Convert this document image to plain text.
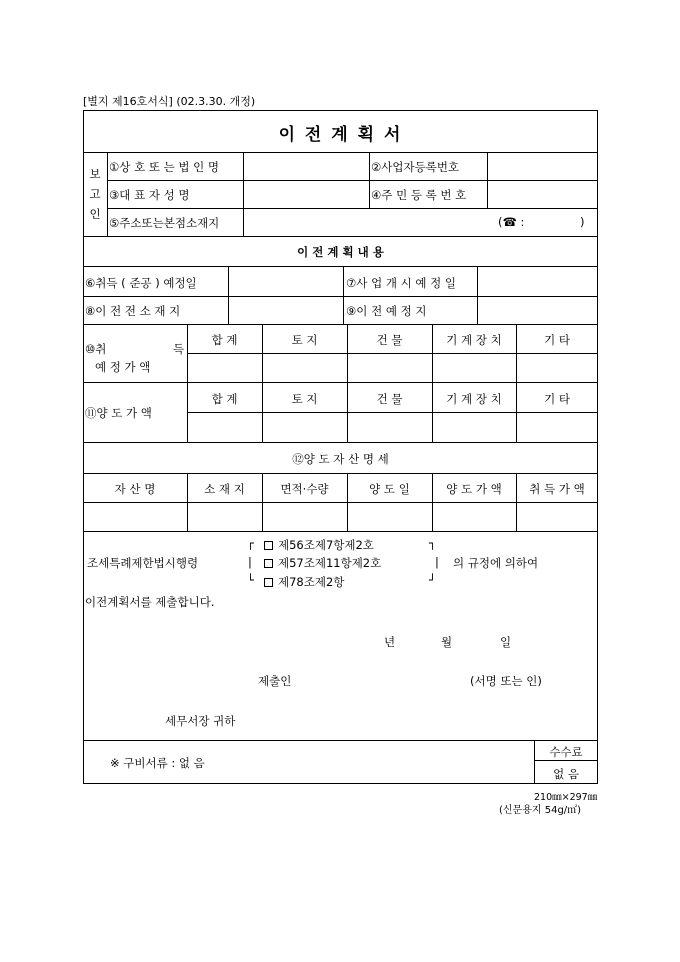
[별지 제16호서식] (02.3.30. 개정)
이 전 계 획 서
보
고
인
①상 호 또 는 법 인 명	②사업자등록번호
③대 표 자 성 명	④주 민 등 록 번 호
⑤주소또는본점소재지	(☎ :	)
이 전 계 획 내 용
⑥취득 ( 준공 ) 예정일	⑦사 업 개 시 예 정 일
⑧이 전 전 소 재 지	⑨이 전 예 정 지
⑩취	득
예 정 가 액
합 계	토 지	건 물	기 계 장 치	기 타
⑪양 도 가 액
합 계	토 지	건 물	기 계 장 치	기 타
⑫양 도 자 산 명 세
자 산 명	소 재 지	면적·수량	양 도 일	양 도 가 액	취 득 가 액
조세특례제한법시행령
┌
|
└
┐
|
┘
제56조제7항제2호
제57조제11항제2호
제78조제2항
의 규정에 의하여
이전계획서를 제출합니다.
년	월	일
제출인	(서명 또는 인)
세무서장 귀하
※ 구비서류 : 없 음
수수료
없 음
210㎜×297㎜
(신문용지 54g/㎡)
